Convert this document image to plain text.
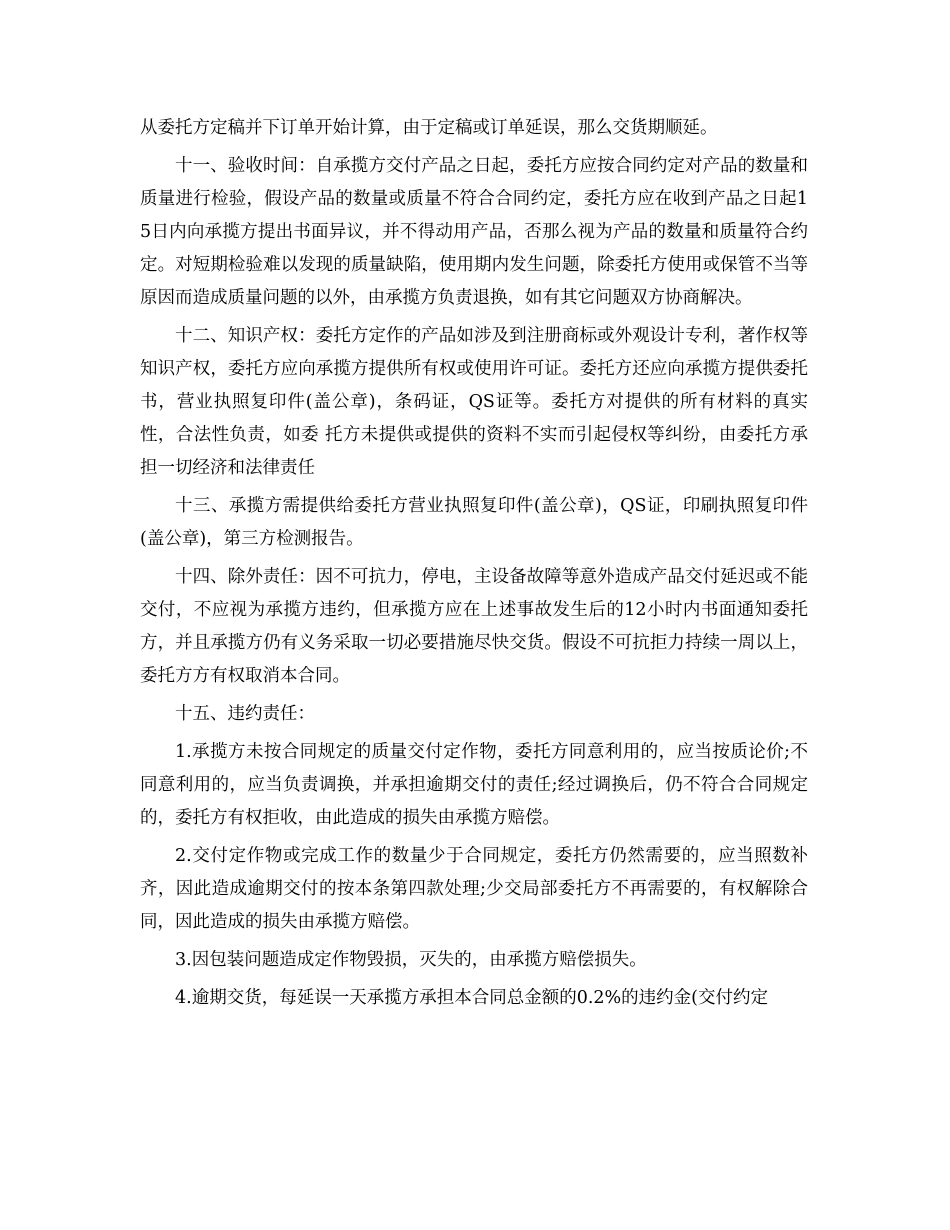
从委托方定稿并下订单开始计算，由于定稿或订单延误，那么交货期顺延。

十一、验收时间：自承揽方交付产品之日起，委托方应按合同约定对产品的数量和质量进行检验，假设产品的数量或质量不符合合同约定，委托方应在收到产品之日起15日内向承揽方提出书面异议，并不得动用产品，否那么视为产品的数量和质量符合约定。对短期检验难以发现的质量缺陷，使用期内发生问题，除委托方使用或保管不当等原因而造成质量问题的以外，由承揽方负责退换，如有其它问题双方协商解决。

十二、知识产权：委托方定作的产品如涉及到注册商标或外观设计专利，著作权等知识产权，委托方应向承揽方提供所有权或使用许可证。委托方还应向承揽方提供委托书，营业执照复印件(盖公章)，条码证，QS证等。委托方对提供的所有材料的真实性，合法性负责，如委 托方未提供或提供的资料不实而引起侵权等纠纷，由委托方承担一切经济和法律责任

十三、承揽方需提供给委托方营业执照复印件(盖公章)，QS证，印刷执照复印件(盖公章)，第三方检测报告。

十四、除外责任：因不可抗力，停电，主设备故障等意外造成产品交付延迟或不能交付，不应视为承揽方违约，但承揽方应在上述事故发生后的12小时内书面通知委托方，并且承揽方仍有义务采取一切必要措施尽快交货。假设不可抗拒力持续一周以上，委托方方有权取消本合同。

十五、违约责任：

1.承揽方未按合同规定的质量交付定作物，委托方同意利用的，应当按质论价;不同意利用的，应当负责调换，并承担逾期交付的责任;经过调换后，仍不符合合同规定的，委托方有权拒收，由此造成的损失由承揽方赔偿。

2.交付定作物或完成工作的数量少于合同规定，委托方仍然需要的，应当照数补齐，因此造成逾期交付的按本条第四款处理;少交局部委托方不再需要的，有权解除合同，因此造成的损失由承揽方赔偿。

3.因包装问题造成定作物毁损，灭失的，由承揽方赔偿损失。

4.逾期交货，每延误一天承揽方承担本合同总金额的0.2%的违约金(交付约定
